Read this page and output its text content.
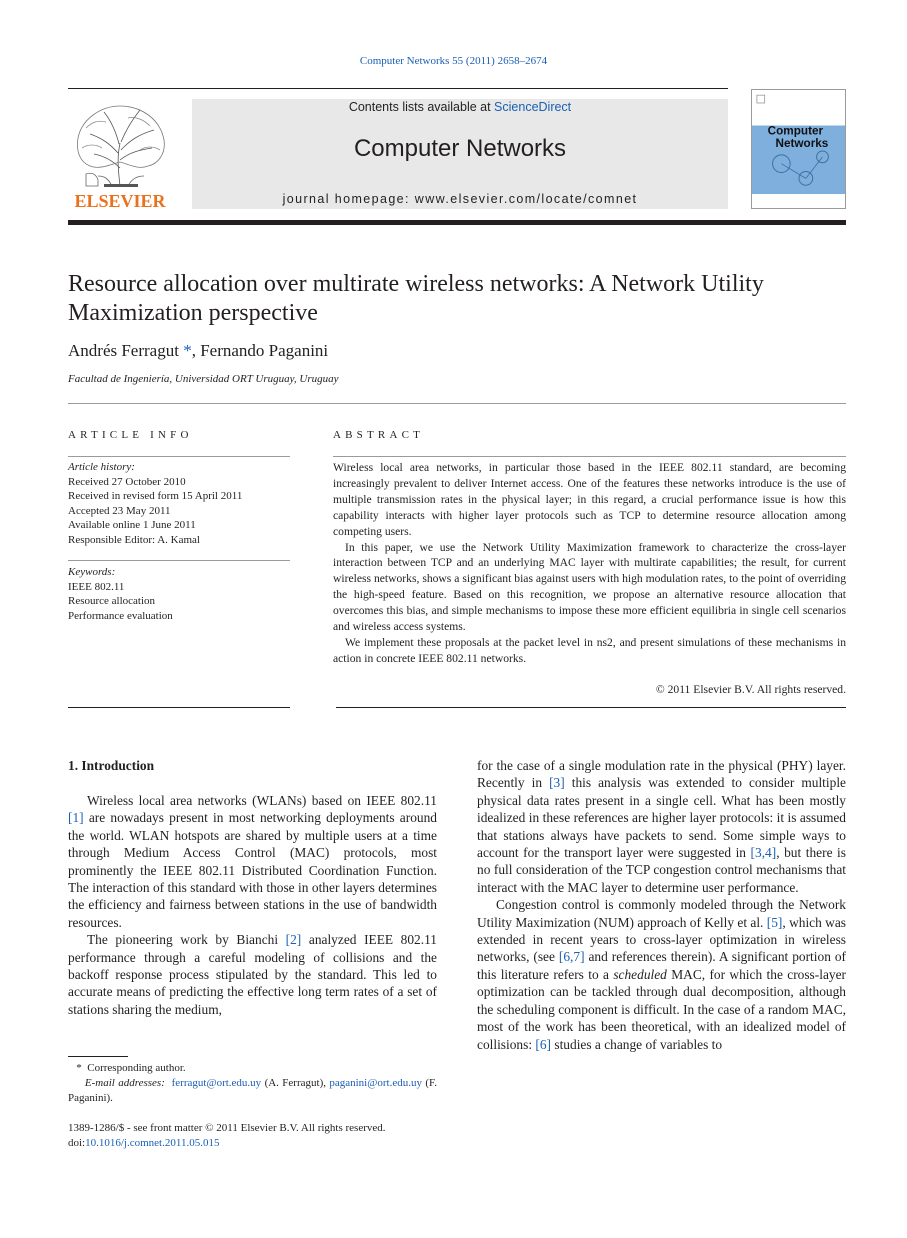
Computer Networks 55 (2011) 2658–2674
ELSEVIER
Contents lists available at ScienceDirect
Computer Networks
journal homepage: www.elsevier.com/locate/comnet
Computer
Networks
Resource allocation over multirate wireless networks: A Network Utility Maximization perspective
Andrés Ferragut *, Fernando Paganini
Facultad de Ingeniería, Universidad ORT Uruguay, Uruguay
ARTICLE INFO
Article history:
Received 27 October 2010
Received in revised form 15 April 2011
Accepted 23 May 2011
Available online 1 June 2011
Responsible Editor: A. Kamal
Keywords:
IEEE 802.11
Resource allocation
Performance evaluation
ABSTRACT

Wireless local area networks, in particular those based in the IEEE 802.11 standard, are becoming increasingly prevalent to deliver Internet access. One of the features these networks introduce is the use of multiple transmission rates in the physical layer; in this regard, a crucial performance issue is how this capability interacts with higher layer protocols such as TCP to determine resource allocation among competing users.

In this paper, we use the Network Utility Maximization framework to characterize the cross-layer interaction between TCP and an underlying MAC layer with multirate capabilities; the result, for current wireless networks, shows a significant bias against users with high modulation rates, to the point of overriding the high-speed feature. Based on this recognition, we propose an alternative resource allocation that overcomes this bias, and simple mechanisms to impose these more efficient equilibria in single cell scenarios and wireless access systems.

We implement these proposals at the packet level in ns2, and present simulations of these mechanisms in action in concrete IEEE 802.11 networks.

© 2011 Elsevier B.V. All rights reserved.
1. Introduction

Wireless local area networks (WLANs) based on IEEE 802.11 [1] are nowadays present in most networking deployments around the world. WLAN hotspots are shared by multiple users at a time through Medium Access Control (MAC) protocols, most prominently the IEEE 802.11 Distributed Coordination Function. The interaction of this standard with those in other layers determines the efficiency and fairness between stations in the use of bandwidth resources.

The pioneering work by Bianchi [2] analyzed IEEE 802.11 performance through a careful modeling of collisions and the backoff response process stipulated by the standard. This led to accurate means of predicting the effective long term rates of a set of stations sharing the medium,

for the case of a single modulation rate in the physical (PHY) layer. Recently in [3] this analysis was extended to consider multiple physical data rates present in a single cell. What has been mostly idealized in these references are higher layer protocols: it is assumed that stations always have packets to send. Some simple ways to account for the transport layer were suggested in [3,4], but there is no full consideration of the TCP congestion control mechanisms that interact with the MAC layer to determine user performance.

Congestion control is commonly modeled through the Network Utility Maximization (NUM) approach of Kelly et al. [5], which was extended in recent years to cross-layer optimization in wireless networks, (see [6,7] and references therein). A significant portion of this literature refers to a scheduled MAC, for which the cross-layer optimization can be tackled through dual decomposition, although the scheduling component is difficult. In the case of a random MAC, most of the work has been theoretical, with an idealized model of collisions: [6] studies a change of variables to

* Corresponding author.
E-mail addresses: ferragut@ort.edu.uy (A. Ferragut), paganini@ort.edu.uy (F. Paganini).
1389-1286/$ - see front matter © 2011 Elsevier B.V. All rights reserved.
doi:10.1016/j.comnet.2011.05.015
